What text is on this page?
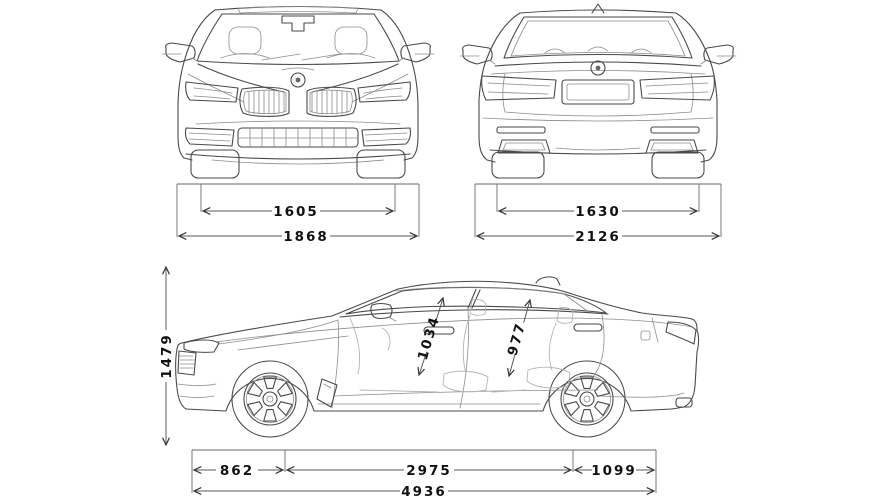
1605
1868
1630
2126
1479	1034	977
862	2975	1099
4936
